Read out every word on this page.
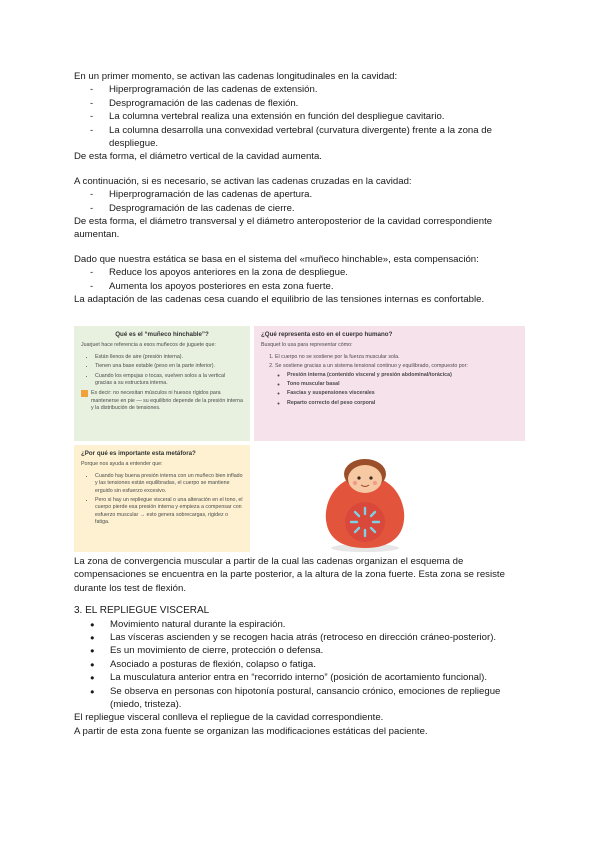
En un primer momento, se activan las cadenas longitudinales en la cavidad:

- Hiperprogramación de las cadenas de extensión.

- Desprogramación de las cadenas de flexión.

- La columna vertebral realiza una extensión en función del despliegue cavitario.

- La columna desarrolla una convexidad vertebral (curvatura divergente) frente a la zona de despliegue.

De esta forma, el diámetro vertical de la cavidad aumenta.

A continuación, si es necesario, se activan las cadenas cruzadas en la cavidad:

- Hiperprogramación de las cadenas de apertura.

- Desprogramación de las cadenas de cierre.

De esta forma, el diámetro transversal y el diámetro anteroposterior de la cavidad correspondiente aumentan.

Dado que nuestra estática se basa en el sistema del «muñeco hinchable», esta compensación:

- Reduce los apoyos anteriores en la zona de despliegue.

- Aumenta los apoyos posteriores en esta zona fuerte.

La adaptación de las cadenas cesa cuando el equilibrio de las tensiones internas es confortable.

Qué es el “muñeco hinchable”?

Juarjuet hace referencia a esos muñecos de juguete que:

• Están llenos de aire (presión interna).
• Tienen una base estable (peso en la parte inferior).
• Cuando los empujas o tocas, vuelven solos a la vertical gracias a su estructura interna.
Es decir: no necesitan músculos ni huesos rígidos para mantenerse en pie — su equilibrio depende de la presión interna y la distribución de tensiones.
¿Qué representa esto en el cuerpo humano?

Busquet lo usa para representar cómo:

1. El cuerpo no se sostiene por la fuerza muscular sola.
2. Se sostiene gracias a un sistema tensional continuo y equilibrado, compuesto por:
◦ Presión interna (contenido visceral y presión abdominal/torácica)
◦ Tono muscular basal
◦ Fascias y suspensiones viscerales
◦ Reparto correcto del peso corporal
¿Por qué es importante esta metáfora?

Porque nos ayuda a entender que:

• Cuando hay buena presión interna con un muñeco bien inflado y las tensiones están equilibradas, el cuerpo se mantiene erguido sin esfuerzo excesivo.
• Pero si hay un repliegue visceral o una alteración en el tono, el cuerpo pierde esa presión interna y empieza a compensar con esfuerzo muscular → esto genera sobrecargas, rigidez o fatiga.

La zona de convergencia muscular a partir de la cual las cadenas organizan el esquema de compensaciones se encuentra en la parte posterior, a la altura de la zona fuerte. Esta zona se resiste durante los test de flexión.

3. EL REPLIEGUE VISCERAL

● Movimiento natural durante la espiración.

● Las vísceras ascienden y se recogen hacia atrás (retroceso en dirección cráneo-posterior).

● Es un movimiento de cierre, protección o defensa.

● Asociado a posturas de flexión, colapso o fatiga.

● La musculatura anterior entra en “recorrido interno” (posición de acortamiento funcional).

● Se observa en personas con hipotonía postural, cansancio crónico, emociones de repliegue (miedo, tristeza).

El repliegue visceral conlleva el repliegue de la cavidad correspondiente.

A partir de esta zona fuente se organizan las modificaciones estáticas del paciente.
